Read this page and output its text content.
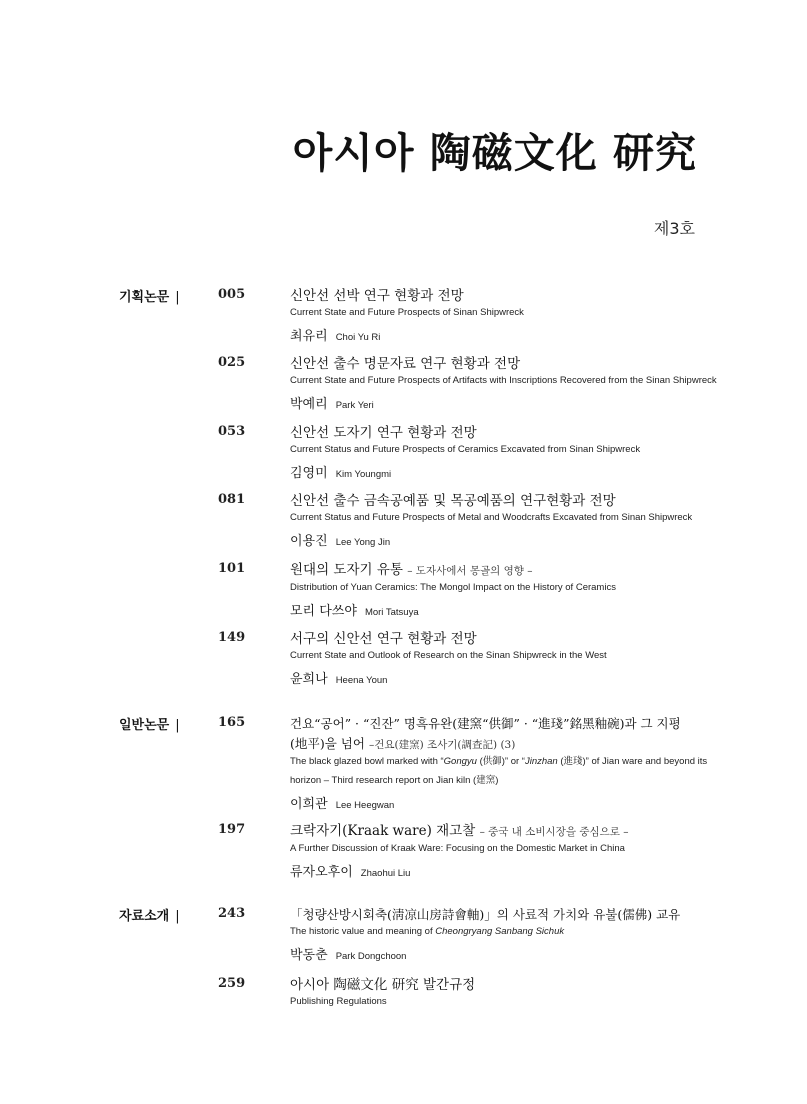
아시아 陶磁文化 研究
제3호
기획논문 |	005	신안선 선박 연구 현황과 전망
Current State and Future Prospects of Sinan Shipwreck
최유리 Choi Yu Ri
025	신안선 출수 명문자료 연구 현황과 전망
Current State and Future Prospects of Artifacts with Inscriptions Recovered from the Sinan Shipwreck
박예리 Park Yeri
053	신안선 도자기 연구 현황과 전망
Current Status and Future Prospects of Ceramics Excavated from Sinan Shipwreck
김영미 Kim Youngmi
081	신안선 출수 금속공예품 및 목공예품의 연구현황과 전망
Current Status and Future Prospects of Metal and Woodcrafts Excavated from Sinan Shipwreck
이용진 Lee Yong Jin
101	원대의 도자기 유통 – 도자사에서 몽골의 영향 –
Distribution of Yuan Ceramics: The Mongol Impact on the History of Ceramics
모리 다쓰야 Mori Tatsuya
149	서구의 신안선 연구 현황과 전망
Current State and Outlook of Research on the Sinan Shipwreck in the West
윤희나 Heena Youn
일반논문 |	165	건요“공어” · “진잔” 명흑유완(建窯“供御” · “進琖”銘黑釉碗)과 그 지평
(地平)을 넘어 –건요(建窯) 조사기(調查記) (3)
The black glazed bowl marked with “Gongyu (供御)” or “Jinzhan (進琖)” of Jian ware and beyond its
horizon – Third research report on Jian kiln (建窯)
이희관 Lee Heegwan
197	크락자기(Kraak ware) 재고찰 – 중국 내 소비시장을 중심으로 –
A Further Discussion of Kraak Ware: Focusing on the Domestic Market in China
류자오후이 Zhaohui Liu
자료소개 |	243	「청량산방시회축(淸凉山房詩會軸)」의 사료적 가치와 유불(儒佛) 교유
The historic value and meaning of Cheongryang Sanbang Sichuk
박동춘 Park Dongchoon
259	아시아 陶磁文化 研究 발간규정
Publishing Regulations
